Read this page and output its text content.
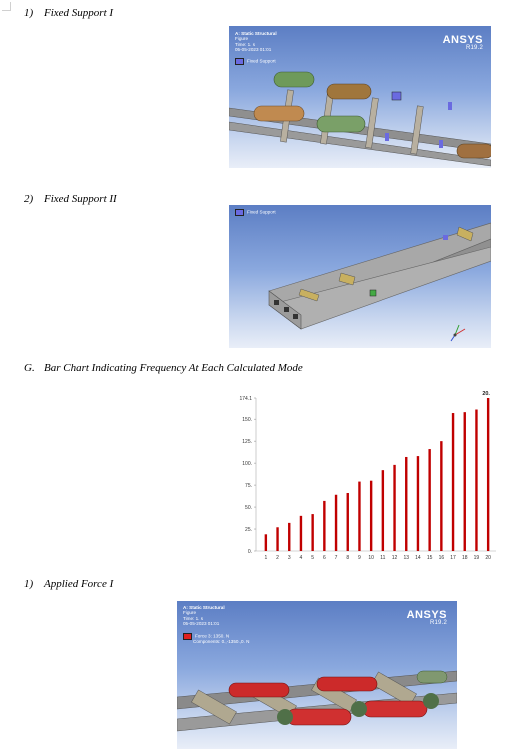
1) Fixed Support I
2) Fixed Support II
G. Bar Chart Indicating Frequency At Each Calculated Mode
1) Applied Force I
A: Static Structural
Figure
Time: 1. s
05-05-2023 01:01
Fixed Support
ANSYS
R19.2
Fixed Support
0.
25.
50.
75.
100.
125.
150.
174.1
1 2 3 4 5 6 7 8 9 10 11 12 13 14 15 16 17 18 19 20
20.
A: Static Structural
Figure
Time: 1. s
05-05-2023 01:01
Force 3: 1350. N
Components: 0.,-1350.,0. N
ANSYS
R19.2
